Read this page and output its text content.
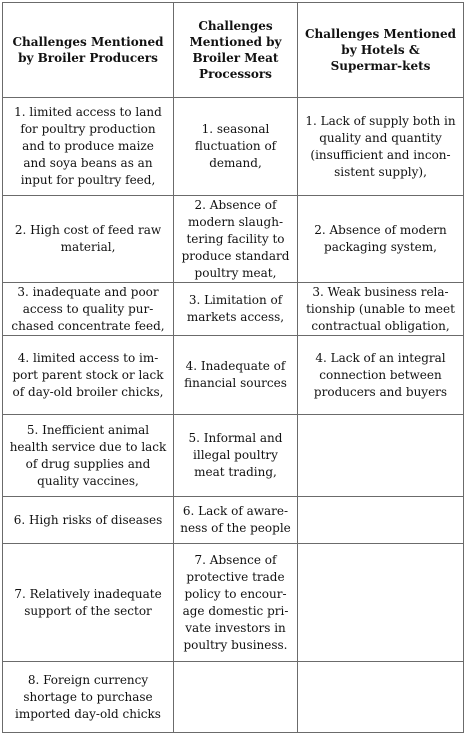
Challenges Mentioned by Broiler Producers	Challenges Mentioned by Broiler Meat Processors	Challenges Mentioned by Hotels & Supermar-kets
1. limited access to land for poultry production and to produce maize and soya beans as an input for poultry feed,	1. seasonal fluctuation of demand,	1. Lack of supply both in quality and quantity (insufficient and incon-sistent supply),
2. High cost of feed raw material,	2. Absence of modern slaugh-tering facility to produce standard poultry meat,	2. Absence of modern packaging system,
3. inadequate and poor access to quality pur-chased concentrate feed,	3. Limitation of markets access,	3. Weak business rela-tionship (unable to meet contractual obligation,
4. limited access to im-port parent stock or lack of day-old broiler chicks,	4. Inadequate of financial sources	4. Lack of an integral connection between producers and buyers
5. Inefficient animal health service due to lack of drug supplies and quality vaccines,	5. Informal and illegal poultry meat trading,	
6. High risks of diseases	6. Lack of aware-ness of the people	
7. Relatively inadequate support of the sector	7. Absence of protective trade policy to encour-age domestic pri-vate investors in poultry business.	
8. Foreign currency shortage to purchase imported day-old chicks		
